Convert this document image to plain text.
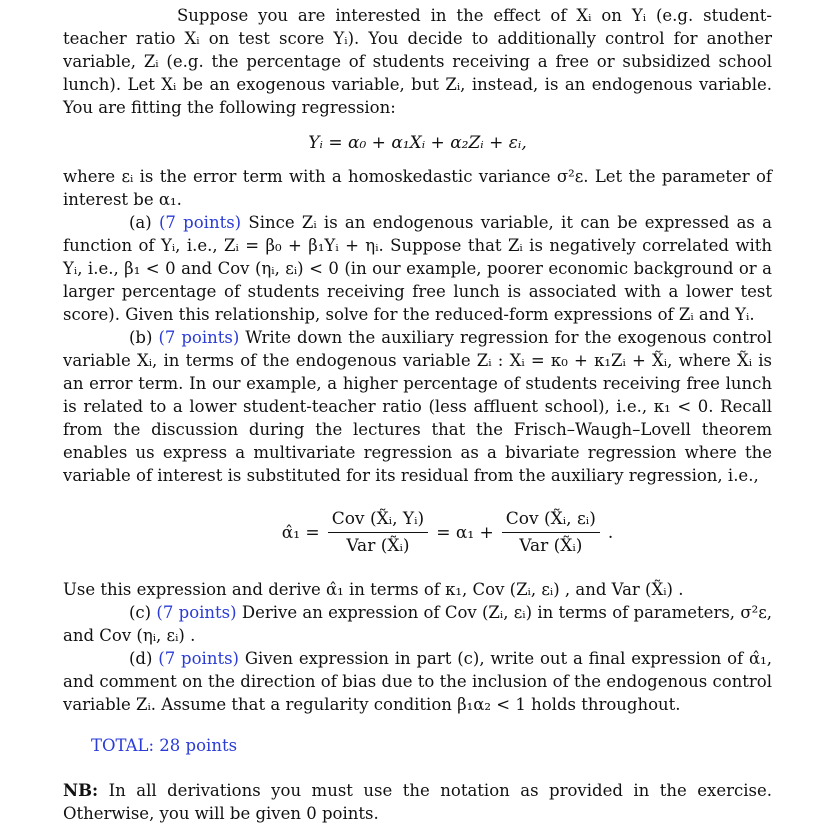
Suppose you are interested in the effect of Xᵢ on Yᵢ (e.g. student-teacher ratio Xᵢ on test score Yᵢ). You decide to additionally control for another variable, Zᵢ (e.g. the percentage of students receiving a free or subsidized school lunch). Let Xᵢ be an exogenous variable, but Zᵢ, instead, is an endogenous variable. You are fitting the following regression:

Yᵢ = α₀ + α₁Xᵢ + α₂Zᵢ + εᵢ,

where εᵢ is the error term with a homoskedastic variance σ²ε. Let the parameter of interest be α₁.

(a) (7 points) Since Zᵢ is an endogenous variable, it can be expressed as a function of Yᵢ, i.e., Zᵢ = β₀ + β₁Yᵢ + ηᵢ. Suppose that Zᵢ is negatively correlated with Yᵢ, i.e., β₁ < 0 and Cov (ηᵢ, εᵢ) < 0 (in our example, poorer economic background or a larger percentage of students receiving free lunch is associated with a lower test score). Given this relationship, solve for the reduced-form expressions of Zᵢ and Yᵢ.

(b) (7 points) Write down the auxiliary regression for the exogenous control variable Xᵢ, in terms of the endogenous variable Zᵢ : Xᵢ = κ₀ + κ₁Zᵢ + X̃ᵢ, where X̃ᵢ is an error term. In our example, a higher percentage of students receiving free lunch is related to a lower student-teacher ratio (less affluent school), i.e., κ₁ < 0. Recall from the discussion during the lectures that the Frisch–Waugh–Lovell theorem enables us express a multivariate regression as a bivariate regression where the variable of interest is substituted for its residual from the auxiliary regression, i.e.,

α̂₁ = $\frac{\text{Cov (X̃ᵢ, Yᵢ)}}{\text{Var (X̃ᵢ)}} = \alpha_1 + \frac{\text{Cov (X̃ᵢ, εᵢ)}}{\text{Var (X̃ᵢ)}}$ .

Use this expression and derive α̂₁ in terms of κ₁, Cov (Zᵢ, εᵢ) , and Var (X̃ᵢ) .

(c) (7 points) Derive an expression of Cov (Zᵢ, εᵢ) in terms of parameters, σ²ε, and Cov (ηᵢ, εᵢ) .

(d) (7 points) Given expression in part (c), write out a final expression of α̂₁, and comment on the direction of bias due to the inclusion of the endogenous control variable Zᵢ. Assume that a regularity condition β₁α₂ < 1 holds throughout.

TOTAL: 28 points

NB: In all derivations you must use the notation as provided in the exercise. Otherwise, you will be given 0 points.
